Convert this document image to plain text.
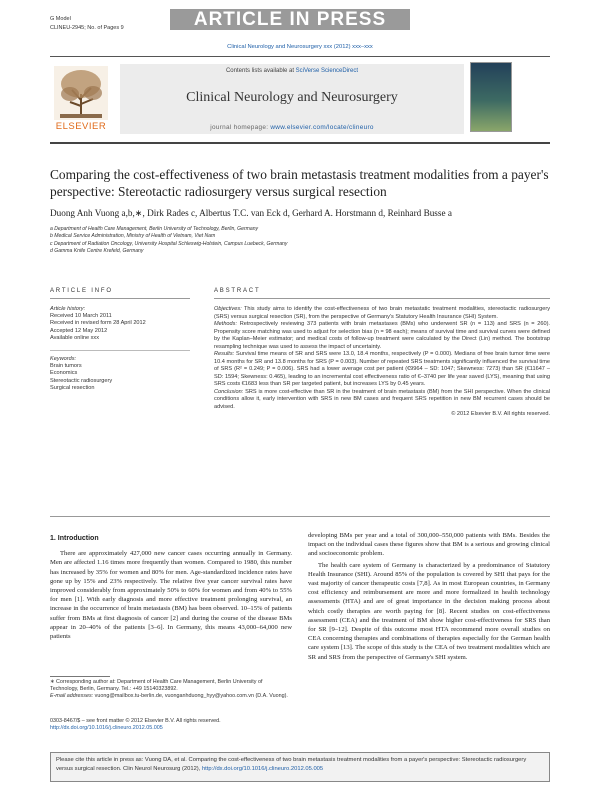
G Model
CLINEU-2945; No. of Pages 9	ARTICLE IN PRESS
Clinical Neurology and Neurosurgery xxx (2012) xxx–xxx
ELSEVIER
Contents lists available at SciVerse ScienceDirect
Clinical Neurology and Neurosurgery
journal homepage: www.elsevier.com/locate/clineuro
Comparing the cost-effectiveness of two brain metastasis treatment modalities from a payer's perspective: Stereotactic radiosurgery versus surgical resection
Duong Anh Vuong a,b,∗, Dirk Rades c, Albertus T.C. van Eck d, Gerhard A. Horstmann d, Reinhard Busse a
a Department of Health Care Management, Berlin University of Technology, Berlin, Germany
b Medical Service Administration, Ministry of Health of Vietnam, Viet Nam
c Department of Radiation Oncology, University Hospital Schleswig-Holstein, Campus Luebeck, Germany
d Gamma Knife Centre Krefeld, Germany
ARTICLE INFO
Article history:
Received 10 March 2011
Received in revised form 28 April 2012
Accepted 12 May 2012
Available online xxx
Keywords:
Brain tumors
Economics
Stereotactic radiosurgery
Surgical resection
ABSTRACT

Objectives: This study aims to identify the cost-effectiveness of two brain metastatic treatment modalities, stereotactic radiosurgery (SRS) versus surgical resection (SR), from the perspective of Germany's Statutory Health Insurance (SHI) System.

Methods: Retrospectively reviewing 373 patients with brain metastases (BMs) who underwent SR (n = 113) and SRS (n = 260). Propensity score matching was used to adjust for selection bias (n = 98 each); means of survival time and survival curves were defined by the Kaplan–Meier estimator; and medical costs of follow-up treatment were calculated by the Direct (Lin) method. The bootstrap resampling technique was used to assess the impact of uncertainty.

Results: Survival time means of SR and SRS were 13.0, 18.4 months, respectively (P = 0.000). Medians of free brain tumor time were 10.4 months for SR and 13.8 months for SRS (P = 0.003). Number of repeated SRS treatments significantly influenced the survival time of SRS (R² = 0.249; P = 0.006). SRS had a lower average cost per patient (€9964 – SD: 1047; Skewness: 7273) than SR (€11647 – SD: 1594; Skewness: 0.465), leading to an incremental cost effectiveness ratio of €–3740 per life year saved (LYS), meaning that using SRS costs €1683 less than SR per targeted patient, but increases LYS by 0.45 years.

Conclusion: SRS is more cost-effective than SR in the treatment of brain metastasis (BM) from the SHI perspective. When the clinical conditions allow it, early intervention with SRS in new BM cases and frequent SRS repetition in new BM recurrent cases should be advised.

© 2012 Elsevier B.V. All rights reserved.

1. Introduction

There are approximately 427,000 new cancer cases occurring annually in Germany. Men are affected 1.16 times more frequently than women. Compared to 1980, this number has increased by 35% for women and 80% for men. Age-standardized incidence rates have gone up by 15% and 23% respectively. The relative five year cancer survival rates have improved considerably from approximately 50% to 60% for women and from 40% to 55% for men [1]. With early diagnosis and more effective treatment prolonging survival, an increase in the occurrence of brain metastasis (BM) has been observed. 10–15% of patients suffer from BMs at first diagnosis of cancer [2] and during the course of the disease BMs appear in 20–40% of the patients [3–6]. In Germany, this means 43,000–64,000 new patients

developing BMs per year and a total of 300,000–550,000 patients with BMs. Besides the impact on the individual cases these figures show that BM is a serious and growing clinical and socioeconomic problem.

The health care system of Germany is characterized by a predominance of Statutory Health Insurance (SHI). Around 85% of the population is covered by SHI that pays for the vast majority of cancer therapeutic costs [7,8]. As in most European countries, in Germany cost efficiency and reimbursement are more and more formalized in health technology assessments (HTA) and are of great importance in the decision making process about which costly therapies are worth paying for [8]. Recent studies on cost-effectiveness assessment (CEA) and the treatment of BM show higher cost-effectiveness for SRS than for SR [9–12]. Despite of this outcome most HTA recommend more overall studies on CEA concerning therapies and combinations of therapies especially for the German health care system [13]. The scope of this study is the CEA of two treatment modalities which are SR and SRS from the perspective of Germany's SHI system.

∗ Corresponding author at: Department of Health Care Management, Berlin University of Technology, Berlin, Germany. Tel.: +49 15140323892.
E-mail addresses: vuong@mailbox.tu-berlin.de, vuonganhduong_hyy@yahoo.com.vn (D.A. Vuong).
0303-8467/$ – see front matter © 2012 Elsevier B.V. All rights reserved.
http://dx.doi.org/10.1016/j.clineuro.2012.05.005
Please cite this article in press as: Vuong DA, et al. Comparing the cost-effectiveness of two brain metastasis treatment modalities from a payer's perspective: Stereotactic radiosurgery versus surgical resection. Clin Neurol Neurosurg (2012), http://dx.doi.org/10.1016/j.clineuro.2012.05.005
